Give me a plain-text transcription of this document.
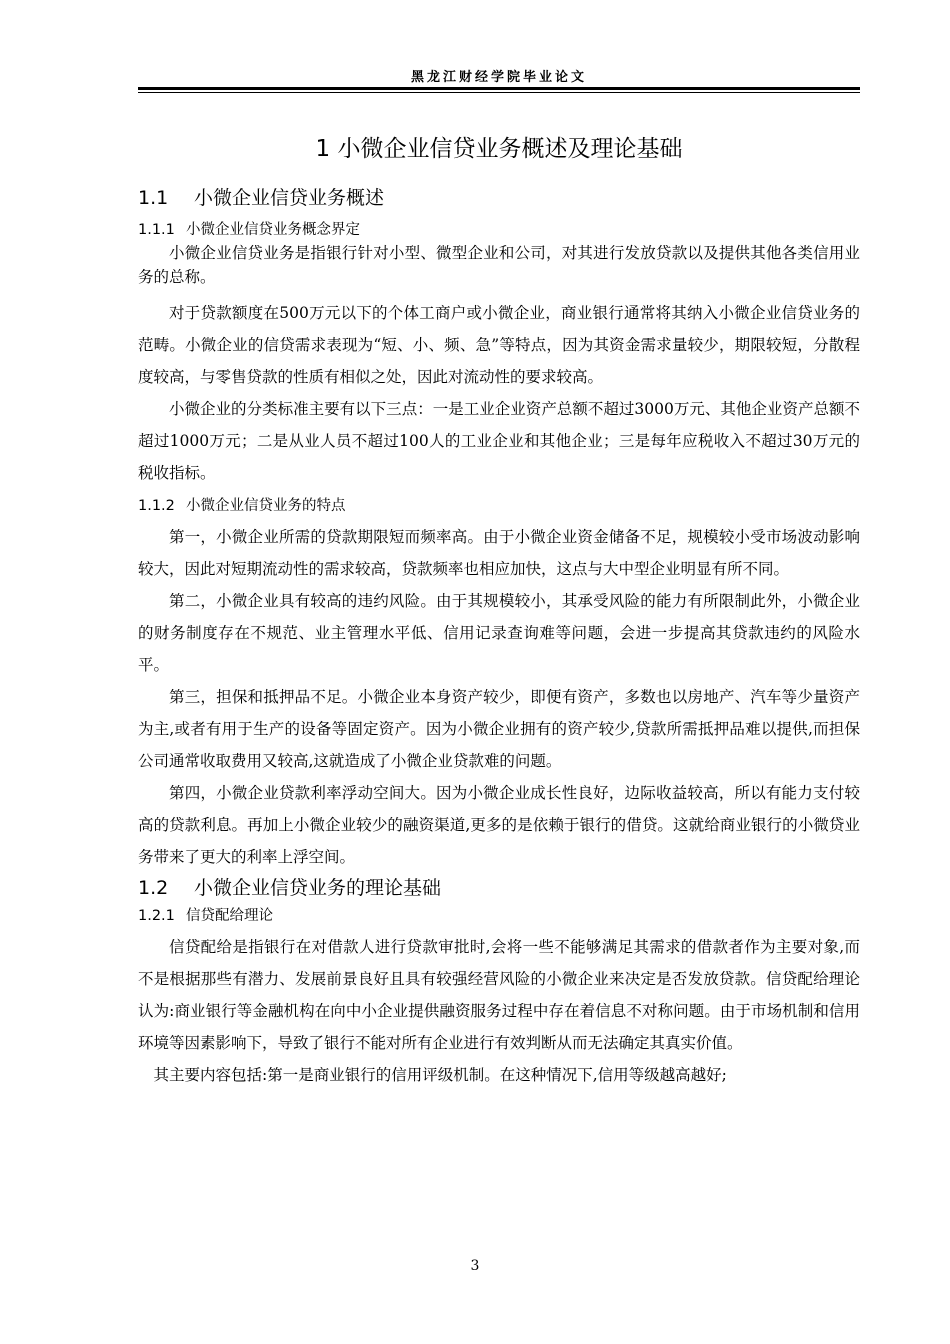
黑龙江财经学院毕业论文
1 小微企业信贷业务概述及理论基础
1.1 小微企业信贷业务概述
1.1.1 小微企业信贷业务概念界定

小微企业信贷业务是指银行针对小型、微型企业和公司，对其进行发放贷款以及提供其他各类信用业务的总称。

对于贷款额度在500万元以下的个体工商户或小微企业，商业银行通常将其纳入小微企业信贷业务的范畴。小微企业的信贷需求表现为“短、小、频、急”等特点，因为其资金需求量较少，期限较短，分散程度较高，与零售贷款的性质有相似之处，因此对流动性的要求较高。

小微企业的分类标准主要有以下三点：一是工业企业资产总额不超过3000万元、其他企业资产总额不超过1000万元；二是从业人员不超过100人的工业企业和其他企业；三是每年应税收入不超过30万元的税收指标。

1.1.2 小微企业信贷业务的特点

第一，小微企业所需的贷款期限短而频率高。由于小微企业资金储备不足，规模较小受市场波动影响较大，因此对短期流动性的需求较高，贷款频率也相应加快，这点与大中型企业明显有所不同。

第二，小微企业具有较高的违约风险。由于其规模较小，其承受风险的能力有所限制此外，小微企业的财务制度存在不规范、业主管理水平低、信用记录查询难等问题，会进一步提高其贷款违约的风险水平。

第三，担保和抵押品不足。小微企业本身资产较少，即便有资产，多数也以房地产、汽车等少量资产为主,或者有用于生产的设备等固定资产。因为小微企业拥有的资产较少,贷款所需抵押品难以提供,而担保公司通常收取费用又较高,这就造成了小微企业贷款难的问题。

第四，小微企业贷款利率浮动空间大。因为小微企业成长性良好，边际收益较高，所以有能力支付较高的贷款利息。再加上小微企业较少的融资渠道,更多的是依赖于银行的借贷。这就给商业银行的小微贷业务带来了更大的利率上浮空间。

1.2 小微企业信贷业务的理论基础
1.2.1 信贷配给理论

信贷配给是指银行在对借款人进行贷款审批时,会将一些不能够满足其需求的借款者作为主要对象,而不是根据那些有潜力、发展前景良好且具有较强经营风险的小微企业来决定是否发放贷款。信贷配给理论认为:商业银行等金融机构在向中小企业提供融资服务过程中存在着信息不对称问题。由于市场机制和信用环境等因素影响下，导致了银行不能对所有企业进行有效判断从而无法确定其真实价值。

其主要内容包括:第一是商业银行的信用评级机制。在这种情况下,信用等级越高越好;

3
